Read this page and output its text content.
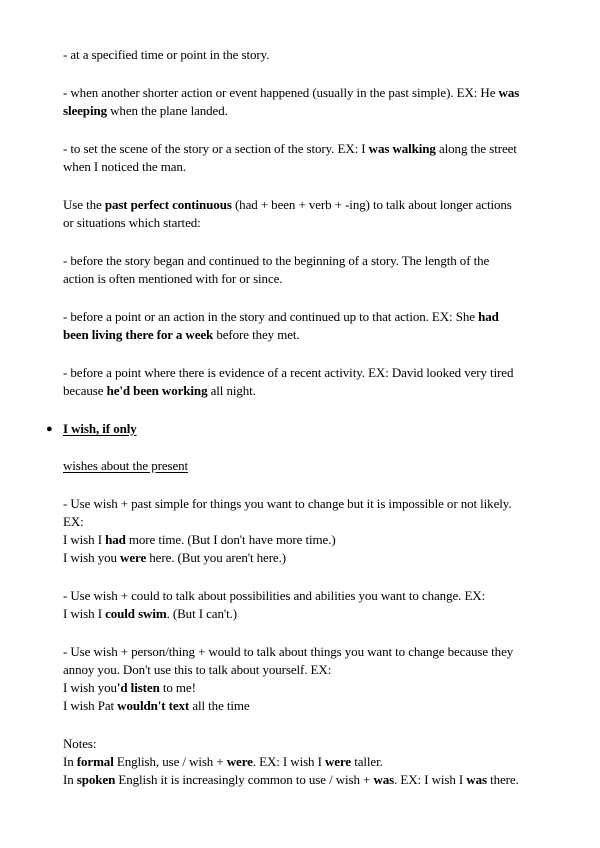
- at a specified time or point in the story.
- when another shorter action or event happened (usually in the past simple). EX: He was
sleeping when the plane landed.
- to set the scene of the story or a section of the story. EX: I was walking along the street
when I noticed the man.
Use the past perfect continuous (had + been + verb + -ing) to talk about longer actions
or situations which started:
- before the story began and continued to the beginning of a story. The length of the
action is often mentioned with for or since.
- before a point or an action in the story and continued up to that action. EX: She had
been living there for a week before they met.
- before a point where there is evidence of a recent activity. EX: David looked very tired
because he'd been working all night.
● I wish, if only
wishes about the present
- Use wish + past simple for things you want to change but it is impossible or not likely.
EX:
I wish I had more time. (But I don't have more time.)
I wish you were here. (But you aren't here.)
- Use wish + could to talk about possibilities and abilities you want to change. EX:
I wish I could swim. (But I can't.)
- Use wish + person/thing + would to talk about things you want to change because they
annoy you. Don't use this to talk about yourself. EX:
I wish you'd listen to me!
I wish Pat wouldn't text all the time
Notes:
In formal English, use / wish + were. EX: I wish I were taller.
In spoken English it is increasingly common to use / wish + was. EX: I wish I was there.
